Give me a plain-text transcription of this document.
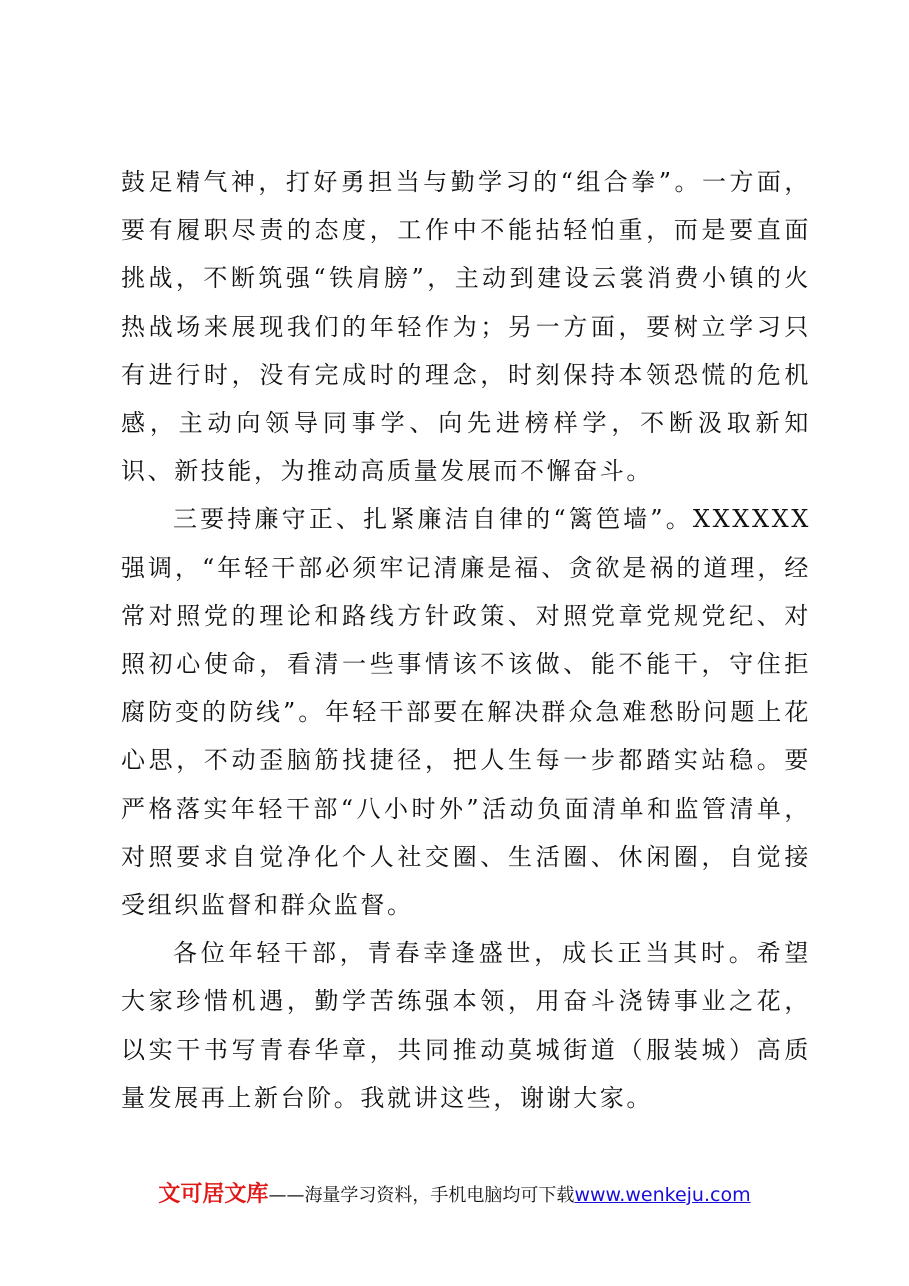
鼓足精气神，打好勇担当与勤学习的“组合拳”。一方面，要有履职尽责的态度，工作中不能拈轻怕重，而是要直面挑战，不断筑强“铁肩膀”，主动到建设云裳消费小镇的火热战场来展现我们的年轻作为；另一方面，要树立学习只有进行时，没有完成时的理念，时刻保持本领恐慌的危机感，主动向领导同事学、向先进榜样学，不断汲取新知识、新技能，为推动高质量发展而不懈奋斗。

三要持廉守正、扎紧廉洁自律的“篱笆墙”。XXXXXX强调，“年轻干部必须牢记清廉是福、贪欲是祸的道理，经常对照党的理论和路线方针政策、对照党章党规党纪、对照初心使命，看清一些事情该不该做、能不能干，守住拒腐防变的防线”。年轻干部要在解决群众急难愁盼问题上花心思，不动歪脑筋找捷径，把人生每一步都踏实站稳。要严格落实年轻干部“八小时外”活动负面清单和监管清单，对照要求自觉净化个人社交圈、生活圈、休闲圈，自觉接受组织监督和群众监督。

各位年轻干部，青春幸逢盛世，成长正当其时。希望大家珍惜机遇，勤学苦练强本领，用奋斗浇铸事业之花，以实干书写青春华章，共同推动莫城街道（服装城）高质量发展再上新台阶。我就讲这些，谢谢大家。

文可居文库——海量学习资料，手机电脑均可下载www.wenkeju.com
